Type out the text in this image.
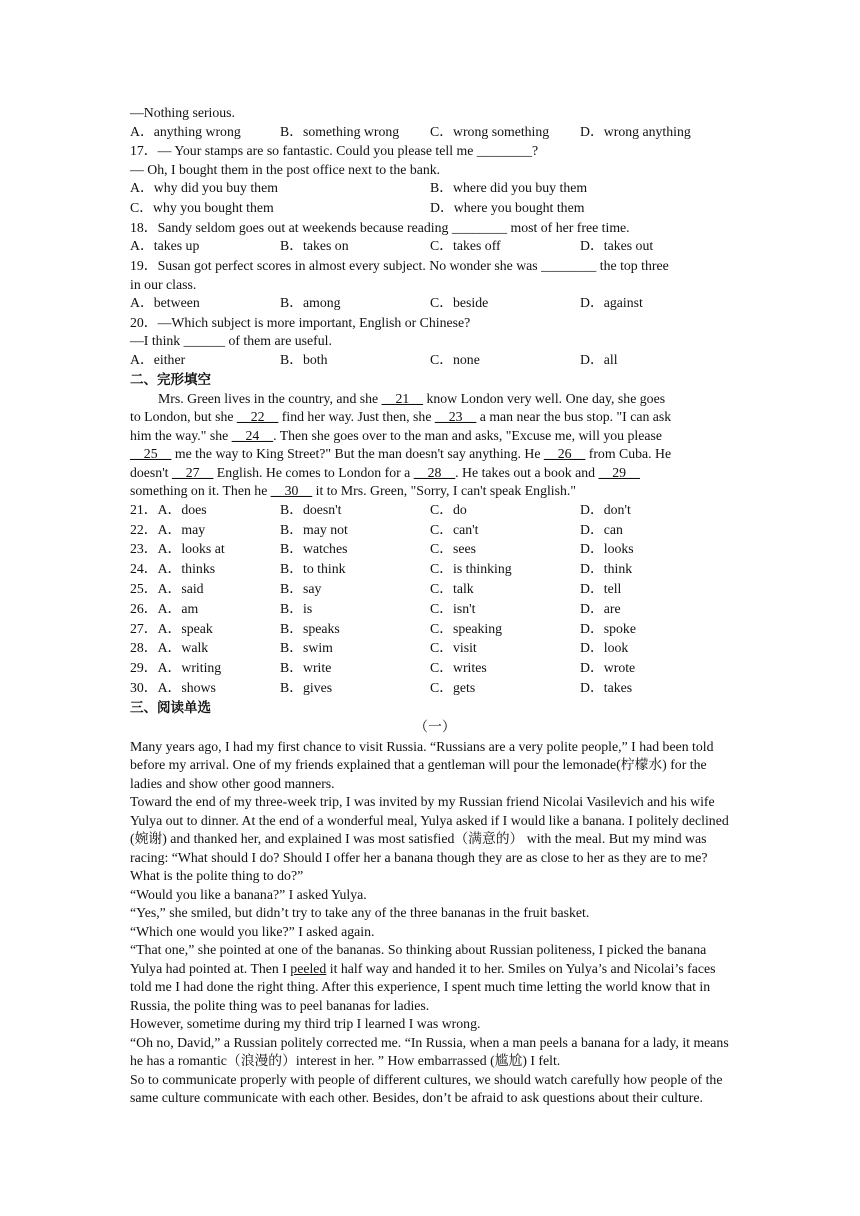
—Nothing serious.
A．anything wrong	B．something wrong C．wrong something D．wrong anything
17．— Your stamps are so fantastic. Could you please tell me ________?
— Oh, I bought them in the post office next to the bank.
A．why did you buy them	B．where did you buy them
C．why you bought them	D．where you bought them
18．Sandy seldom goes out at weekends because reading ________ most of her free time.
A．takes up	B．takes on	C．takes off	D．takes out
19．Susan got perfect scores in almost every subject. No wonder she was ________ the top three
in our class.
A．between	B．among	C．beside	D．against
20．—Which subject is more important, English or Chinese?
—I think ______ of them are useful.
A．either	B．both	C．none	D．all
二、完形填空
Mrs. Green lives in the country, and she __21__ know London very well. One day, she goes
to London, but she __22__ find her way. Just then, she __23__ a man near the bus stop. "I can ask
him the way." she __24__. Then she goes over to the man and asks, "Excuse me, will you please
__25__ me the way to King Street?" But the man doesn't say anything. He __26__ from Cuba. He
doesn't __27__ English. He comes to London for a __28__. He takes out a book and __29__
something on it. Then he __30__ it to Mrs. Green, "Sorry, I can't speak English."
21．A．does	B．doesn't	C．do	D．don't
22．A．may	B．may not	C．can't	D．can
23．A．looks at	B．watches	C．sees	D．looks
24．A．thinks	B．to think	C．is thinking	D．think
25．A．said	B．say	C．talk	D．tell
26．A．am	B．is	C．isn't	D．are
27．A．speak	B．speaks	C．speaking	D．spoke
28．A．walk	B．swim	C．visit	D．look
29．A．writing	B．write	C．writes	D．wrote
30．A．shows	B．gives	C．gets	D．takes
三、阅读单选
（一）

Many years ago, I had my first chance to visit Russia. “Russians are a very polite people,” I had been told before my arrival. One of my friends explained that a gentleman will pour the lemonade(柠檬水) for the ladies and show other good manners.

Toward the end of my three-week trip, I was invited by my Russian friend Nicolai Vasilevich and his wife Yulya out to dinner. At the end of a wonderful meal, Yulya asked if I would like a banana. I politely declined (婉谢) and thanked her, and explained I was most satisfied（满意的） with the meal. But my mind was racing: “What should I do? Should I offer her a banana though they are as close to her as they are to me? What is the polite thing to do?”

“Would you like a banana?” I asked Yulya.

“Yes,” she smiled, but didn’t try to take any of the three bananas in the fruit basket.

“Which one would you like?” I asked again.

“That one,” she pointed at one of the bananas. So thinking about Russian politeness, I picked the banana Yulya had pointed at. Then I peeled it half way and handed it to her. Smiles on Yulya’s and Nicolai’s faces told me I had done the right thing. After this experience, I spent much time letting the world know that in Russia, the polite thing was to peel bananas for ladies.

However, sometime during my third trip I learned I was wrong.

“Oh no, David,” a Russian politely corrected me. “In Russia, when a man peels a banana for a lady, it means he has a romantic（浪漫的）interest in her. ” How embarrassed (尴尬) I felt.

So to communicate properly with people of different cultures, we should watch carefully how people of the same culture communicate with each other. Besides, don’t be afraid to ask questions about their culture.
